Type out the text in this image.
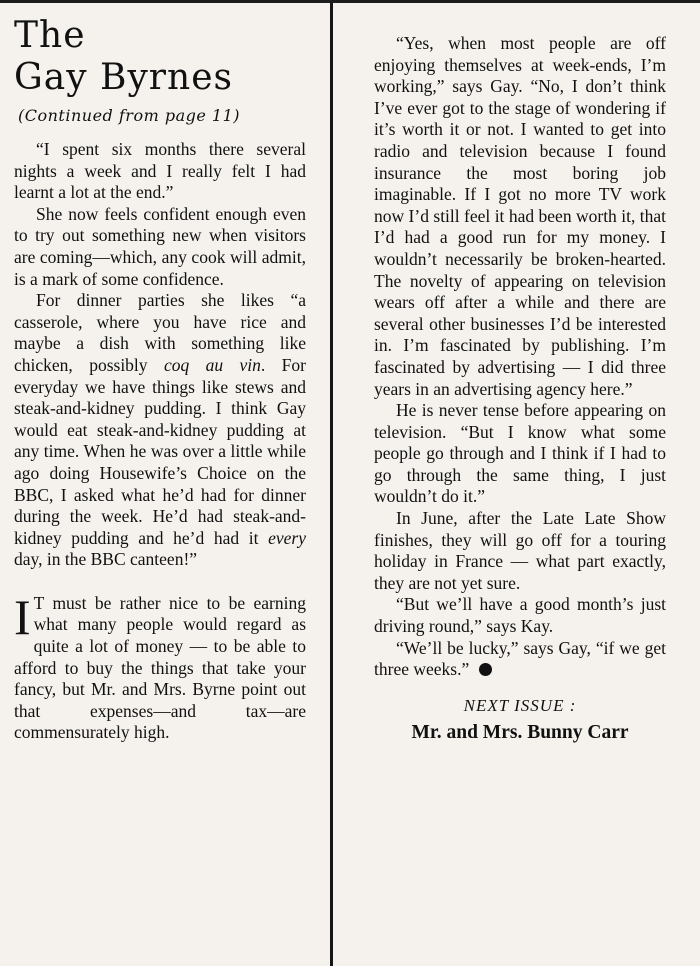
The
Gay Byrnes
(Continued from page 11)

“I spent six months there several nights a week and I really felt I had learnt a lot at the end.”

She now feels confident enough even to try out something new when visitors are coming—which, any cook will admit, is a mark of some confidence.

For dinner parties she likes “a casserole, where you have rice and maybe a dish with something like chicken, possibly coq au vin. For everyday we have things like stews and steak-and-kidney pudding. I think Gay would eat steak-and-kidney pudding at any time. When he was over a little while ago doing Housewife’s Choice on the BBC, I asked what he’d had for dinner during the week. He’d had steak-and-kidney pudding and he’d had it every day, in the BBC canteen!”

I T must be rather nice to be earning what many people would regard as quite a lot of money — to be able to afford to buy the things that take your fancy, but Mr. and Mrs. Byrne point out that expenses—and tax—are commensurately high.

“Yes, when most people are off enjoying themselves at week-ends, I’m working,” says Gay. “No, I don’t think I’ve ever got to the stage of wondering if it’s worth it or not. I wanted to get into radio and television because I found insurance the most boring job imaginable. If I got no more TV work now I’d still feel it had been worth it, that I’d had a good run for my money. I wouldn’t necessarily be broken-hearted. The novelty of appearing on television wears off after a while and there are several other businesses I’d be interested in. I’m fascinated by publishing. I’m fascinated by advertising — I did three years in an advertising agency here.”

He is never tense before appearing on television. “But I know what some people go through and I think if I had to go through the same thing, I just wouldn’t do it.”

In June, after the Late Late Show finishes, they will go off for a touring holiday in France — what part exactly, they are not yet sure.

“But we’ll have a good month’s just driving round,” says Kay.

“We’ll be lucky,” says Gay, “if we get three weeks.”

NEXT ISSUE :
Mr. and Mrs. Bunny Carr
